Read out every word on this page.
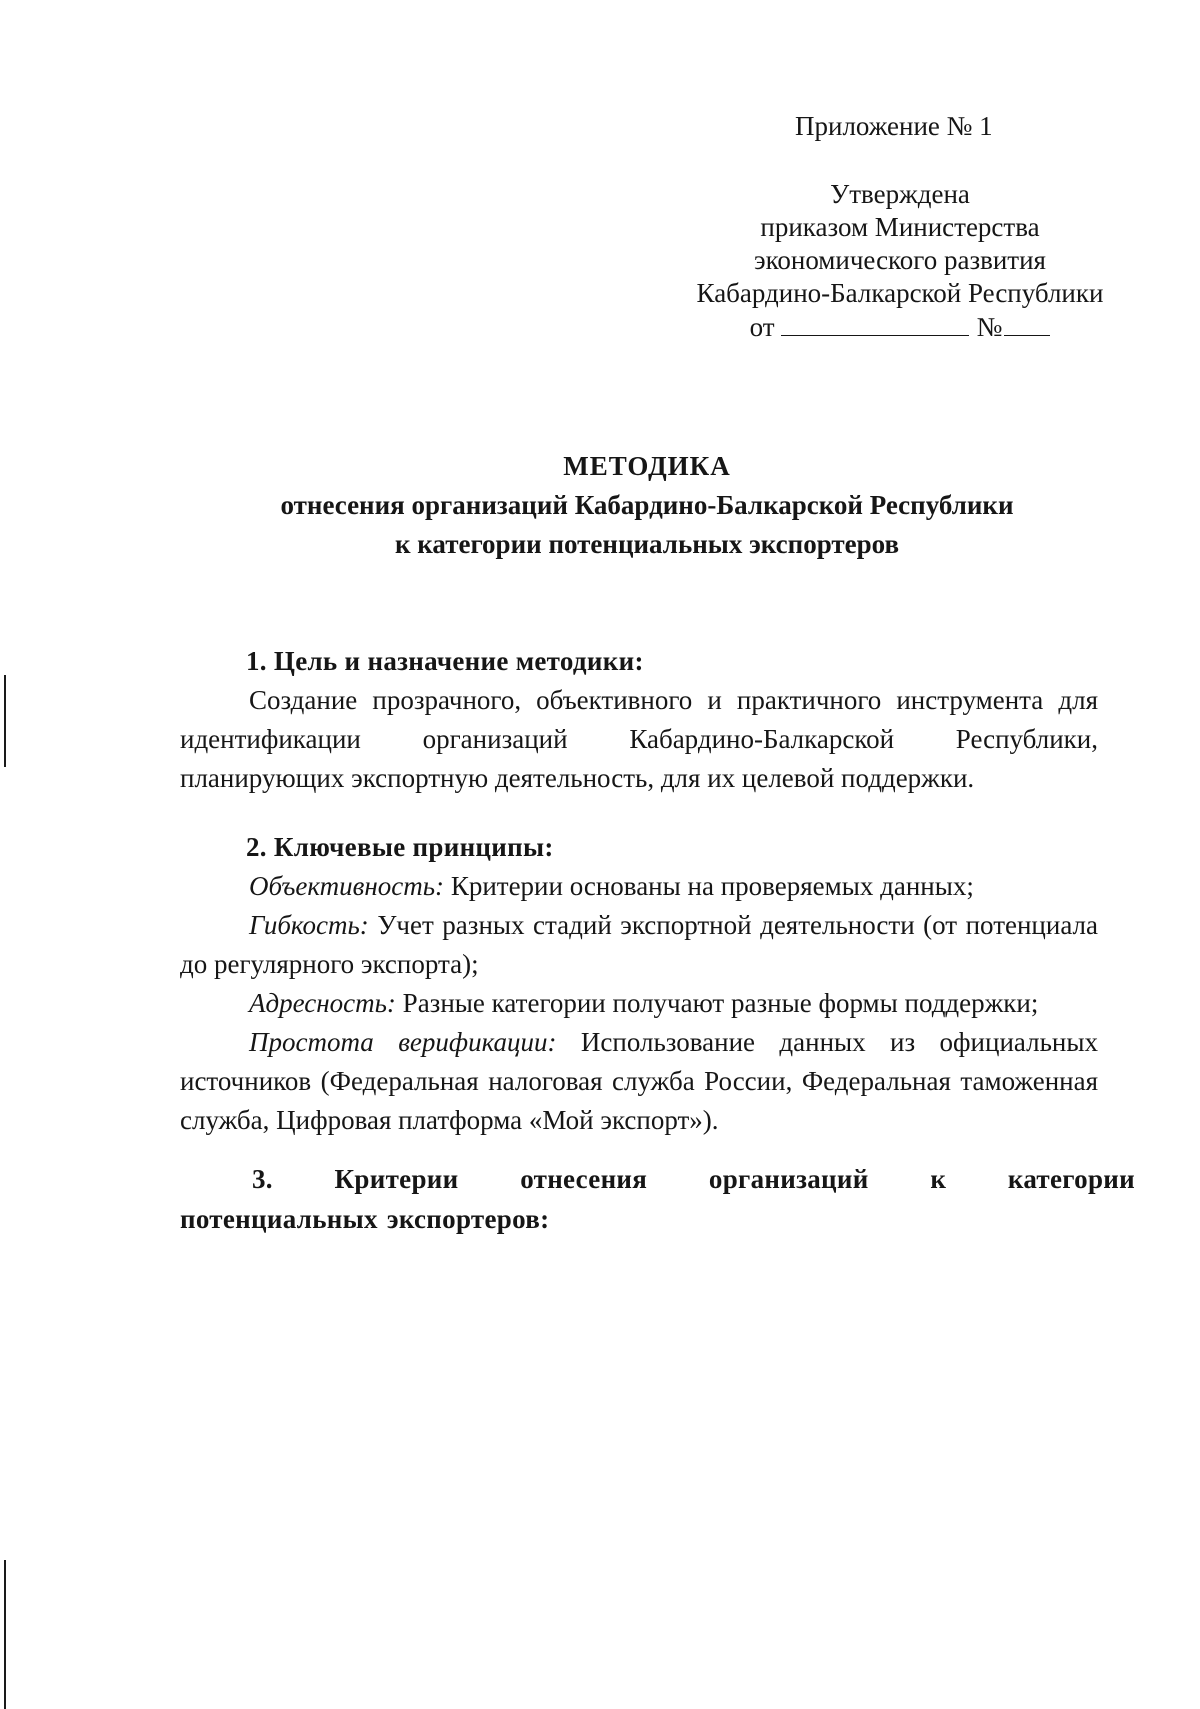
Приложение № 1
Утверждена
приказом Министерства
экономического развития
Кабардино-Балкарской Республики
от	№
МЕТОДИКА
отнесения организаций Кабардино-Балкарской Республики
к категории потенциальных экспортеров
1. Цель и назначение методики:

Создание прозрачного, объективного и практичного инструмента для идентификации организаций Кабардино-Балкарской Республики, планирующих экспортную деятельность, для их целевой поддержки.

2. Ключевые принципы:

Объективность: Критерии основаны на проверяемых данных;

Гибкость: Учет разных стадий экспортной деятельности (от потенциала до регулярного экспорта);

Адресность: Разные категории получают разные формы поддержки;

Простота верификации: Использование данных из официальных источников (Федеральная налоговая служба России, Федеральная таможенная служба, Цифровая платформа «Мой экспорт»).

3. Критерии отнесения организаций к категории
потенциальных экспортеров:
